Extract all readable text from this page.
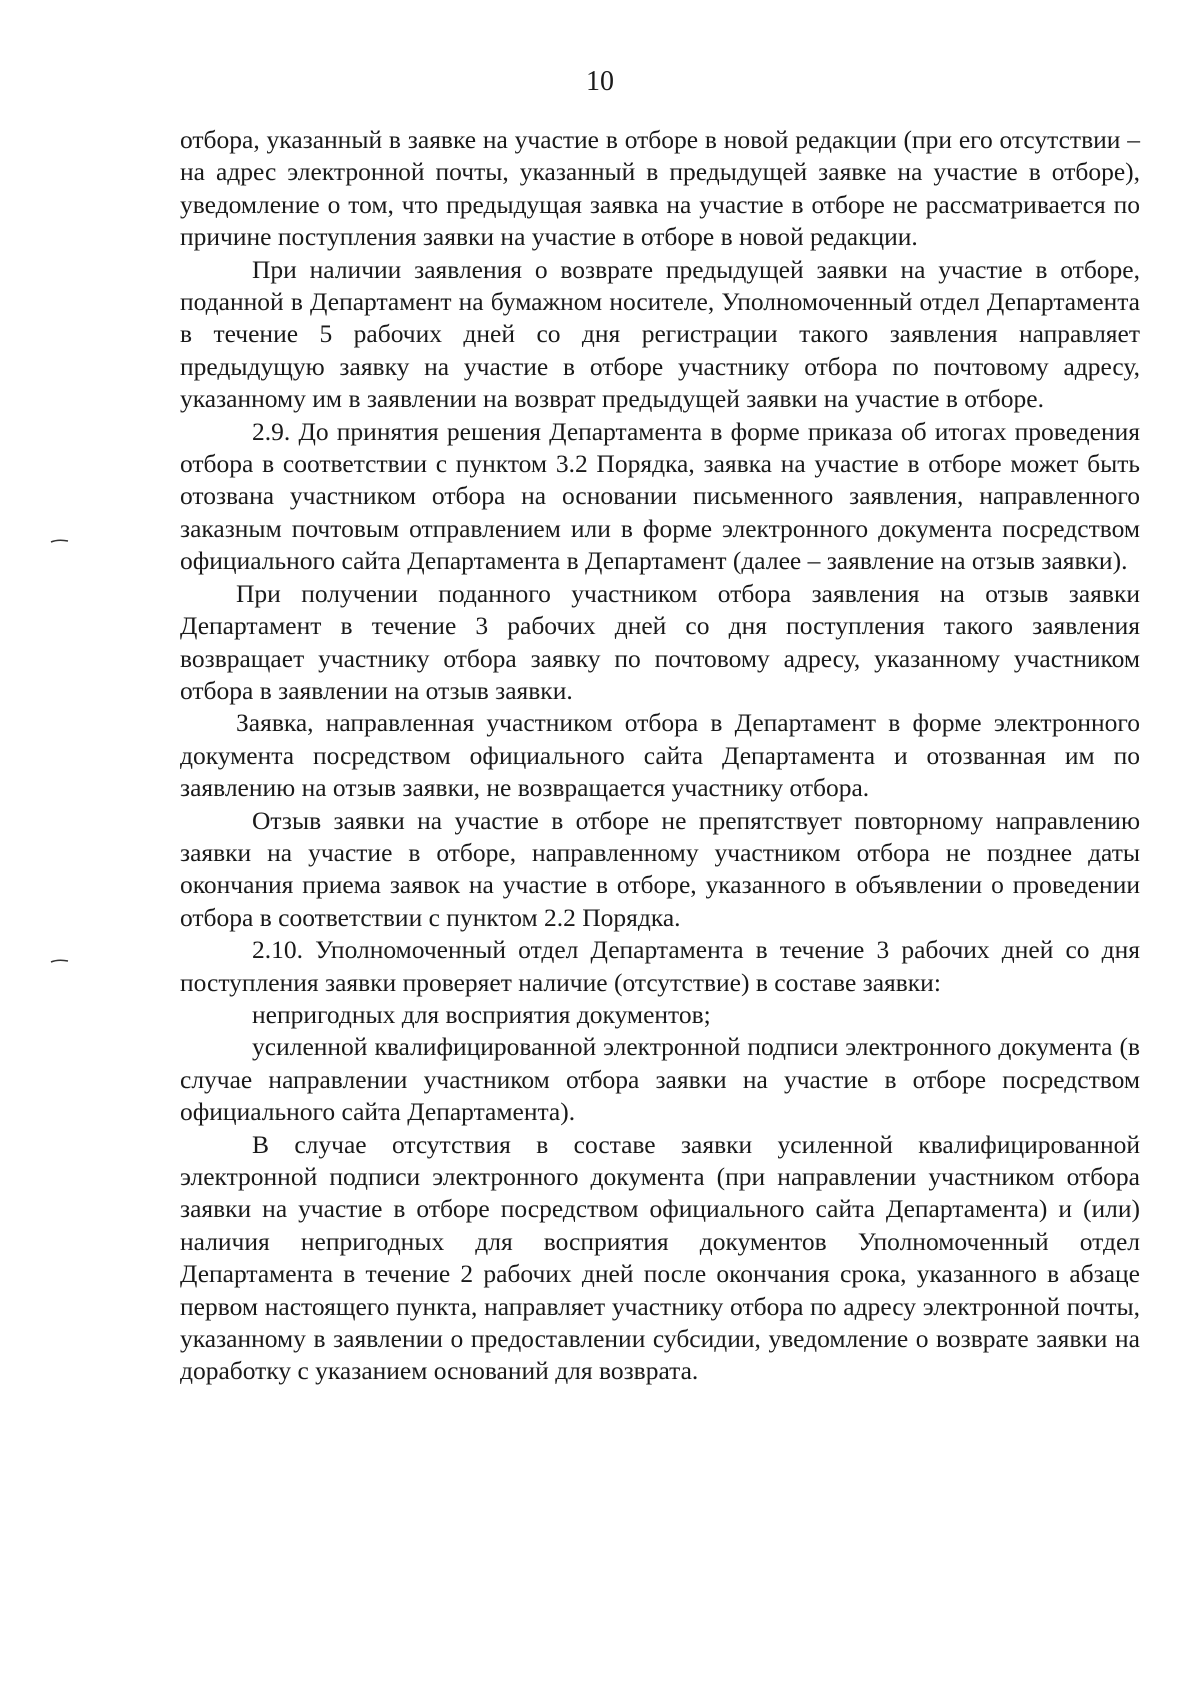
10

отбора, указанный в заявке на участие в отборе в новой редакции (при его отсутствии – на адрес электронной почты, указанный в предыдущей заявке на участие в отборе), уведомление о том, что предыдущая заявка на участие в отборе не рассматривается по причине поступления заявки на участие в отборе в новой редакции.

При наличии заявления о возврате предыдущей заявки на участие в отборе, поданной в Департамент на бумажном носителе, Уполномоченный отдел Департамента в течение 5 рабочих дней со дня регистрации такого заявления направляет предыдущую заявку на участие в отборе участнику отбора по почтовому адресу, указанному им в заявлении на возврат предыдущей заявки на участие в отборе.

2.9. До принятия решения Департамента в форме приказа об итогах проведения отбора в соответствии с пунктом 3.2 Порядка, заявка на участие в отборе может быть отозвана участником отбора на основании письменного заявления, направленного заказным почтовым отправлением или в форме электронного документа посредством официального сайта Департамента в Департамент (далее – заявление на отзыв заявки).

При получении поданного участником отбора заявления на отзыв заявки Департамент в течение 3 рабочих дней со дня поступления такого заявления возвращает участнику отбора заявку по почтовому адресу, указанному участником отбора в заявлении на отзыв заявки.

Заявка, направленная участником отбора в Департамент в форме электронного документа посредством официального сайта Департамента и отозванная им по заявлению на отзыв заявки, не возвращается участнику отбора.

Отзыв заявки на участие в отборе не препятствует повторному направлению заявки на участие в отборе, направленному участником отбора не позднее даты окончания приема заявок на участие в отборе, указанного в объявлении о проведении отбора в соответствии с пунктом 2.2 Порядка.

2.10. Уполномоченный отдел Департамента в течение 3 рабочих дней со дня поступления заявки проверяет наличие (отсутствие) в составе заявки:

непригодных для восприятия документов;

усиленной квалифицированной электронной подписи электронного документа (в случае направлении участником отбора заявки на участие в отборе посредством официального сайта Департамента).

В случае отсутствия в составе заявки усиленной квалифицированной электронной подписи электронного документа (при направлении участником отбора заявки на участие в отборе посредством официального сайта Департамента) и (или) наличия непригодных для восприятия документов Уполномоченный отдел Департамента в течение 2 рабочих дней после окончания срока, указанного в абзаце первом настоящего пункта, направляет участнику отбора по адресу электронной почты, указанному в заявлении о предоставлении субсидии, уведомление о возврате заявки на доработку с указанием оснований для возврата.
